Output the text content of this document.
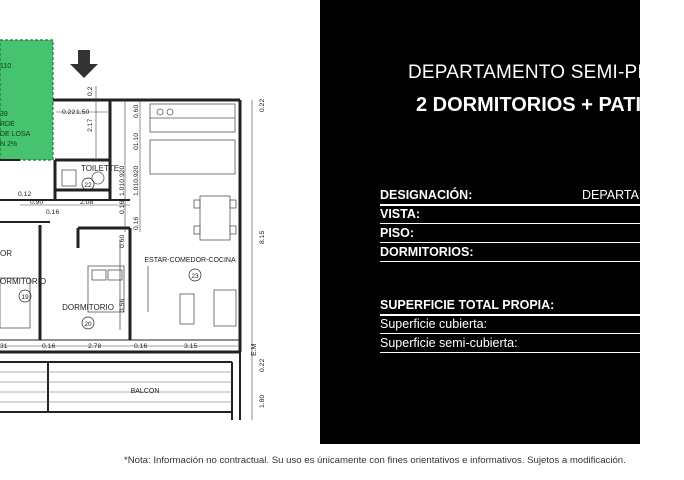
TOILETTE
22
ESTAR-COMEDOR-COCINA
23
DORMITORIO
20
ORMITORIO
19
OR
BALCON
E.M
110
39
RDE
DE LOSA
N 2%
0.22 1.50
0.2
2.17
0.60
01.10
1.010.920
1.010.920
0.12
0.90	2.08
0.16	0.16
0.16
0.60
3.56
8.15
31	0.16	2.78	0.16	3.15
0.22
0.22
1.80
DEPARTAMENTO SEMI-PISO
2 DORMITORIOS + PATIO
DESIGNACIÓN:	DEPARTAMENTO
VISTA:
PISO:
DORMITORIOS:
SUPERFICIE TOTAL PROPIA:
Superficie cubierta:
Superficie semi-cubierta:
*Nota: Información no contractual. Su uso es únicamente con fines orientativos e informativos. Sujetos a modificación.
